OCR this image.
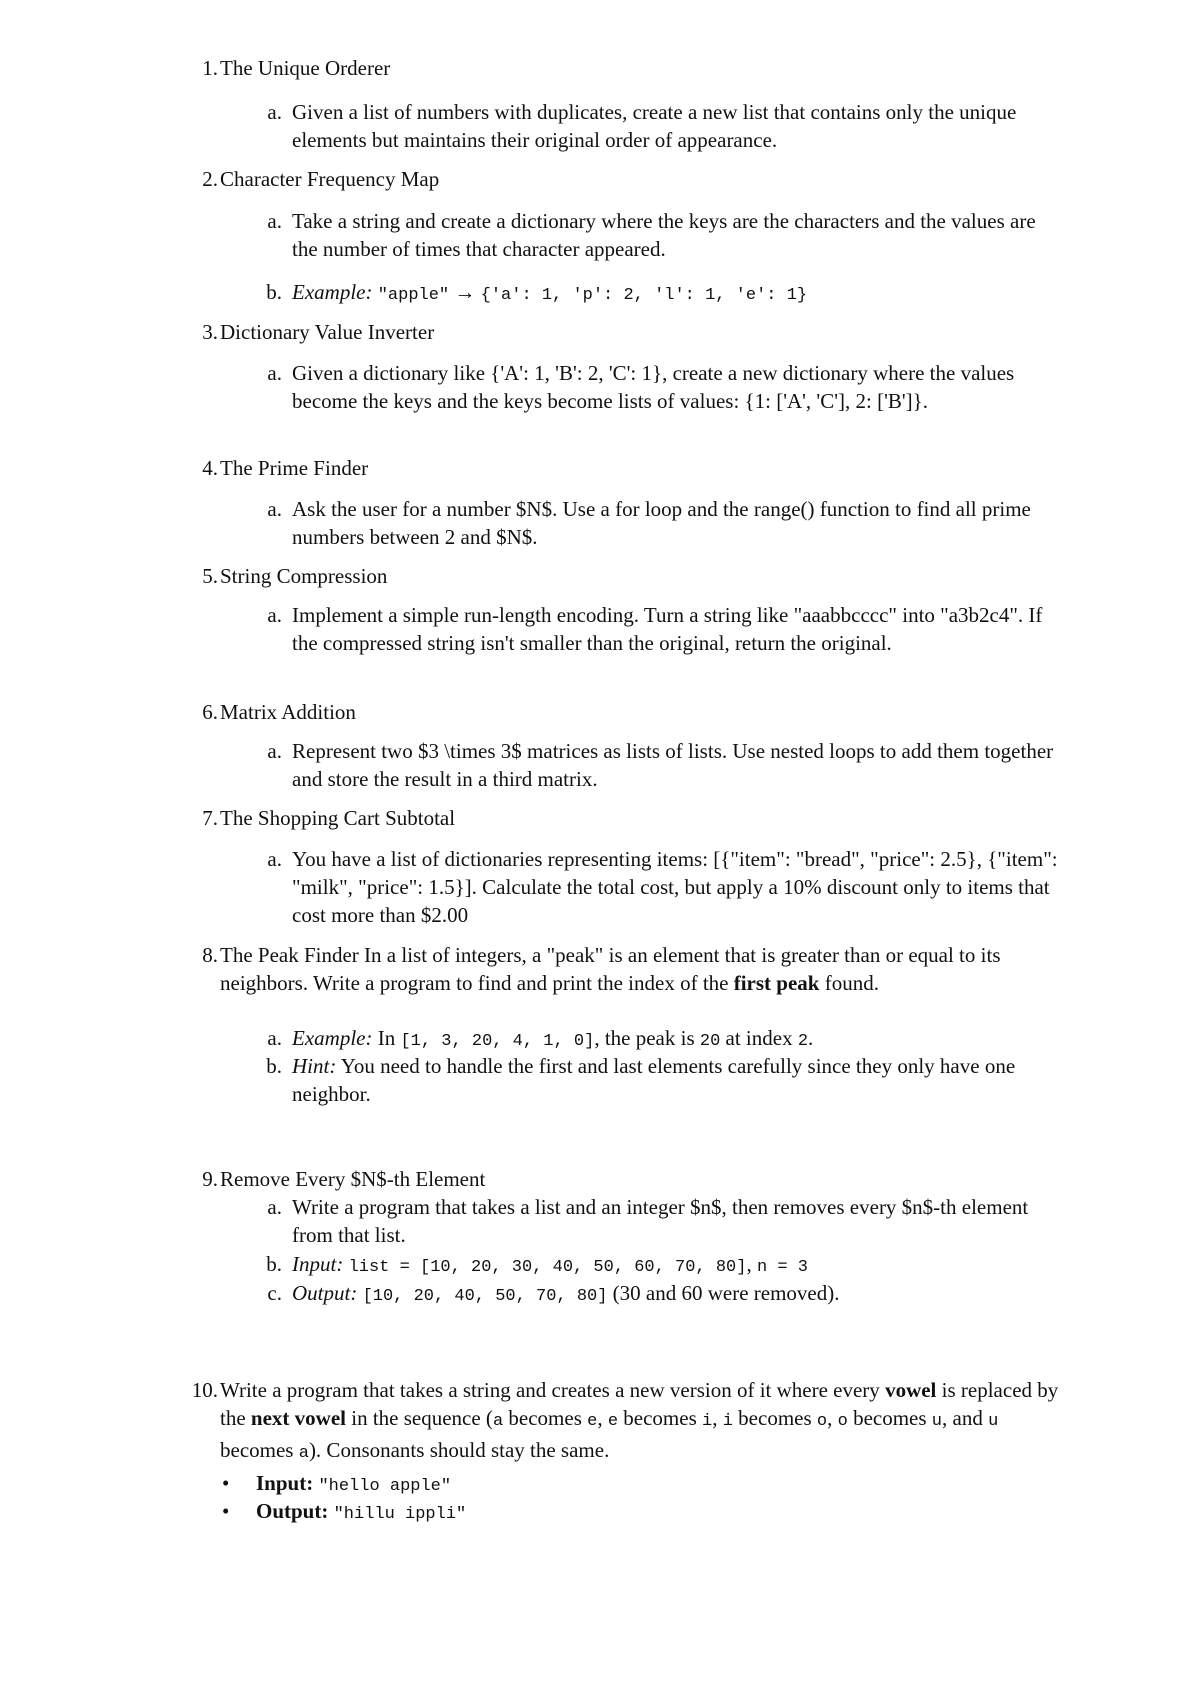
1. The Unique Orderer
a. Given a list of numbers with duplicates, create a new list that contains only the unique elements but maintains their original order of appearance.
2. Character Frequency Map
a. Take a string and create a dictionary where the keys are the characters and the values are the number of times that character appeared.
b. Example: "apple" → {'a': 1, 'p': 2, 'l': 1, 'e': 1}
3. Dictionary Value Inverter
a. Given a dictionary like {'A': 1, 'B': 2, 'C': 1}, create a new dictionary where the values become the keys and the keys become lists of values: {1: ['A', 'C'], 2: ['B']}.
4. The Prime Finder
a. Ask the user for a number $N$. Use a for loop and the range() function to find all prime numbers between 2 and $N$.
5. String Compression
a. Implement a simple run-length encoding. Turn a string like "aaabbcccc" into "a3b2c4". If the compressed string isn't smaller than the original, return the original.
6. Matrix Addition
a. Represent two $3 \times 3$ matrices as lists of lists. Use nested loops to add them together and store the result in a third matrix.
7. The Shopping Cart Subtotal
a. You have a list of dictionaries representing items: [{"item": "bread", "price": 2.5}, {"item": "milk", "price": 1.5}]. Calculate the total cost, but apply a 10% discount only to items that cost more than $2.00
8. The Peak Finder In a list of integers, a "peak" is an element that is greater than or equal to its neighbors. Write a program to find and print the index of the first peak found.
a. Example: In [1, 3, 20, 4, 1, 0], the peak is 20 at index 2.
b. Hint: You need to handle the first and last elements carefully since they only have one neighbor.
9. Remove Every $N$-th Element
a. Write a program that takes a list and an integer $n$, then removes every $n$-th element from that list.
b. Input: list = [10, 20, 30, 40, 50, 60, 70, 80], n = 3
c. Output: [10, 20, 40, 50, 70, 80] (30 and 60 were removed).
10. Write a program that takes a string and creates a new version of it where every vowel is replaced by the next vowel in the sequence (a becomes e, e becomes i, i becomes o, o becomes u, and u becomes a). Consonants should stay the same.
• Input: "hello apple"
• Output: "hillu ippli"
